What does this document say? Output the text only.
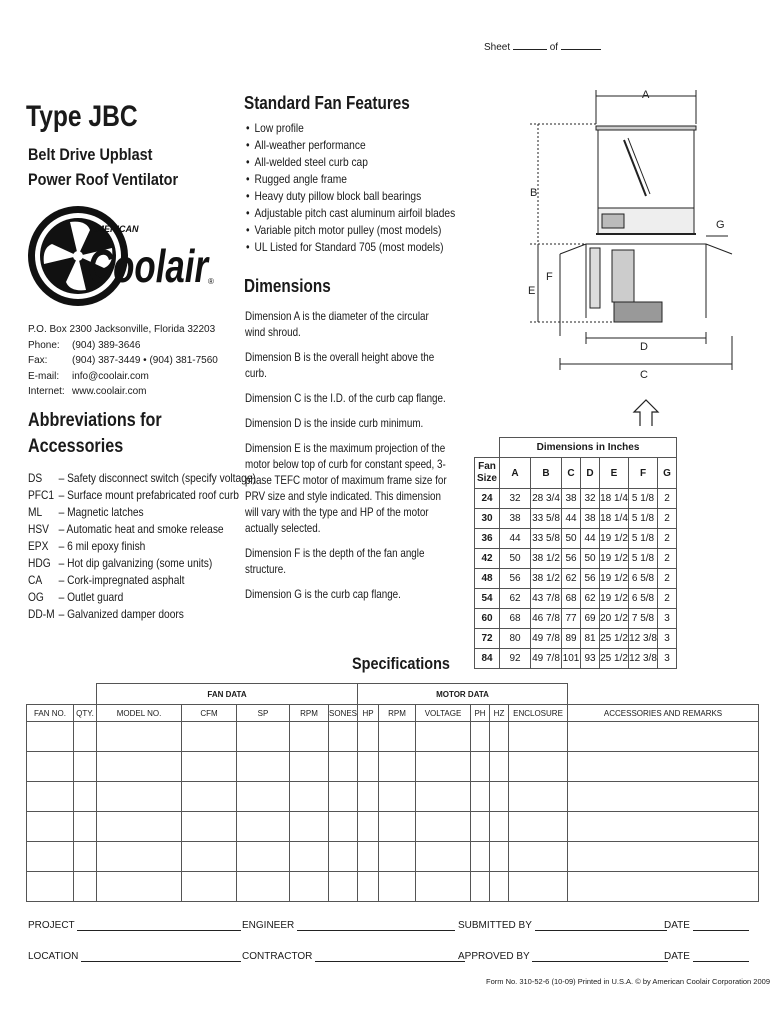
Sheet	of
Type JBC
Belt Drive Upblast
Power Roof Ventilator
AMERICAN
Coolair
®
P.O. Box 2300 Jacksonville, Florida 32203
Phone: (904) 389-3646
Fax: (904) 387-3449 • (904) 381-7560
E-mail: info@coolair.com
Internet: www.coolair.com
Abbreviations for
Accessories
DS – Safety disconnect switch (specify voltage)
PFC1 – Surface mount prefabricated roof curb
ML – Magnetic latches
HSV – Automatic heat and smoke release
EPX – 6 mil epoxy finish
HDG – Hot dip galvanizing (some units)
CA – Cork-impregnated asphalt
OG – Outlet guard
DD-M – Galvanized damper doors
Standard Fan Features
• Low profile
• All-weather performance
• All-welded steel curb cap
• Rugged angle frame
• Heavy duty pillow block ball bearings
• Adjustable pitch cast aluminum airfoil blades
• Variable pitch motor pulley (most models)
• UL Listed for Standard 705 (most models)
Dimensions

Dimension A is the diameter of the circular wind shroud.

Dimension B is the overall height above the curb.

Dimension C is the I.D. of the curb cap flange.

Dimension D is the inside curb minimum.

Dimension E is the maximum projection of the motor below top of curb for constant speed, 3-phase TEFC motor of maximum frame size for PRV size and style indicated. This dimension will vary with the type and HP of the motor actually selected.

Dimension F is the depth of the fan angle structure.

Dimension G is the curb cap flange.

A
B
C
D
E
F
G
	Dimensions in Inches						

Fan
Size	A	B	C	D	E	F	G
24	32	28 3/4	38	32	18 1/4	5 1/8	2
30	38	33 5/8	44	38	18 1/4	5 1/8	2
36	44	33 5/8	50	44	19 1/2	5 1/8	2
42	50	38 1/2	56	50	19 1/2	5 1/8	2
48	56	38 1/2	62	56	19 1/2	6 5/8	2
54	62	43 7/8	68	62	19 1/2	6 5/8	2
60	68	46 7/8	77	69	20 1/2	7 5/8	3
72	80	49 7/8	89	81	25 1/2	12 3/8	3
84	92	49 7/8	101	93	25 1/2	12 3/8	3
Specifications
		FAN DATA					MOTOR DATA						
FAN NO.	QTY.	MODEL NO.	CFM	SP	RPM	SONES	HP	RPM	VOLTAGE	PH	HZ	ENCLOSURE	ACCESSORIES AND REMARKS

PROJECT	ENGINEER	SUBMITTED BY	DATE
LOCATION	CONTRACTOR	APPROVED BY	DATE
Form No. 310-52-6 (10-09) Printed in U.S.A. © by American Coolair Corporation 2009
